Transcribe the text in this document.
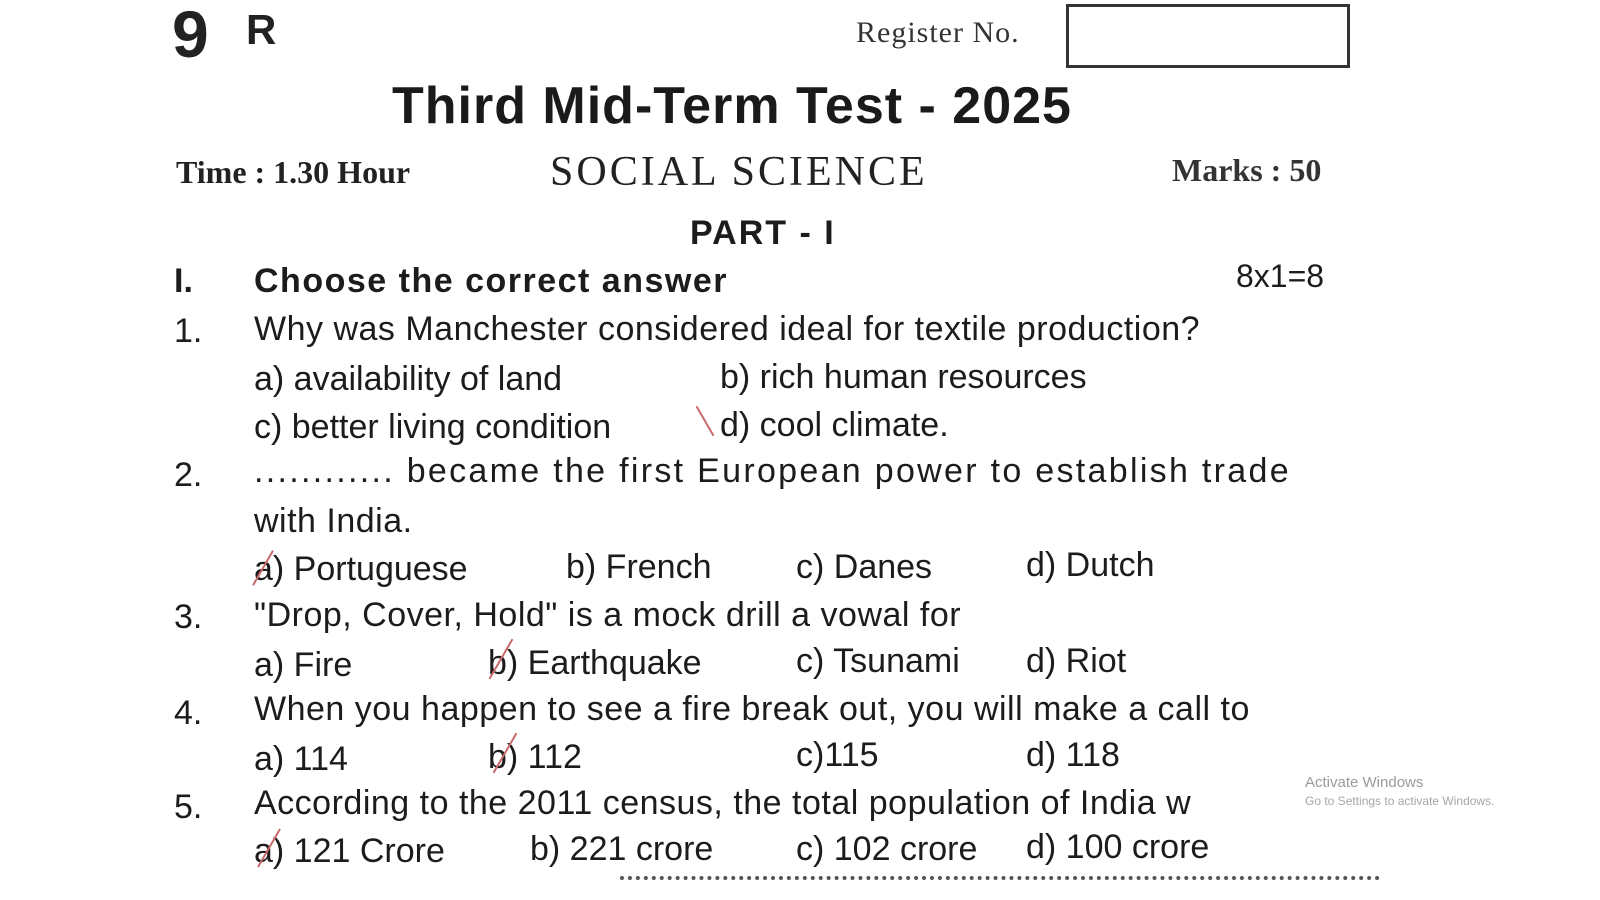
9 R	Register No.
Third Mid-Term Test - 2025
Time : 1.30 Hour	SOCIAL SCIENCE	Marks : 50
PART - I
I. Choose the correct answer	8x1=8
1. Why was Manchester considered ideal for textile production?
a) availability of land	b) rich human resources
c) better living condition	d) cool climate.
2. ............ became the first European power to establish trade
with India.
a) Portuguese	b) French c) Danes	d) Dutch
3. "Drop, Cover, Hold" is a mock drill a vowal for
a) Fire	b) Earthquake	c) Tsunami d) Riot
4. When you happen to see a fire break out, you will make a call to
a) 114	b) 112	c)115	d) 118
5. According to the 2011 census, the total population of India w
a) 121 Crore	b) 221 crore c) 102 crore d) 100 crore
Activate Windows
Go to Settings to activate Windows.
